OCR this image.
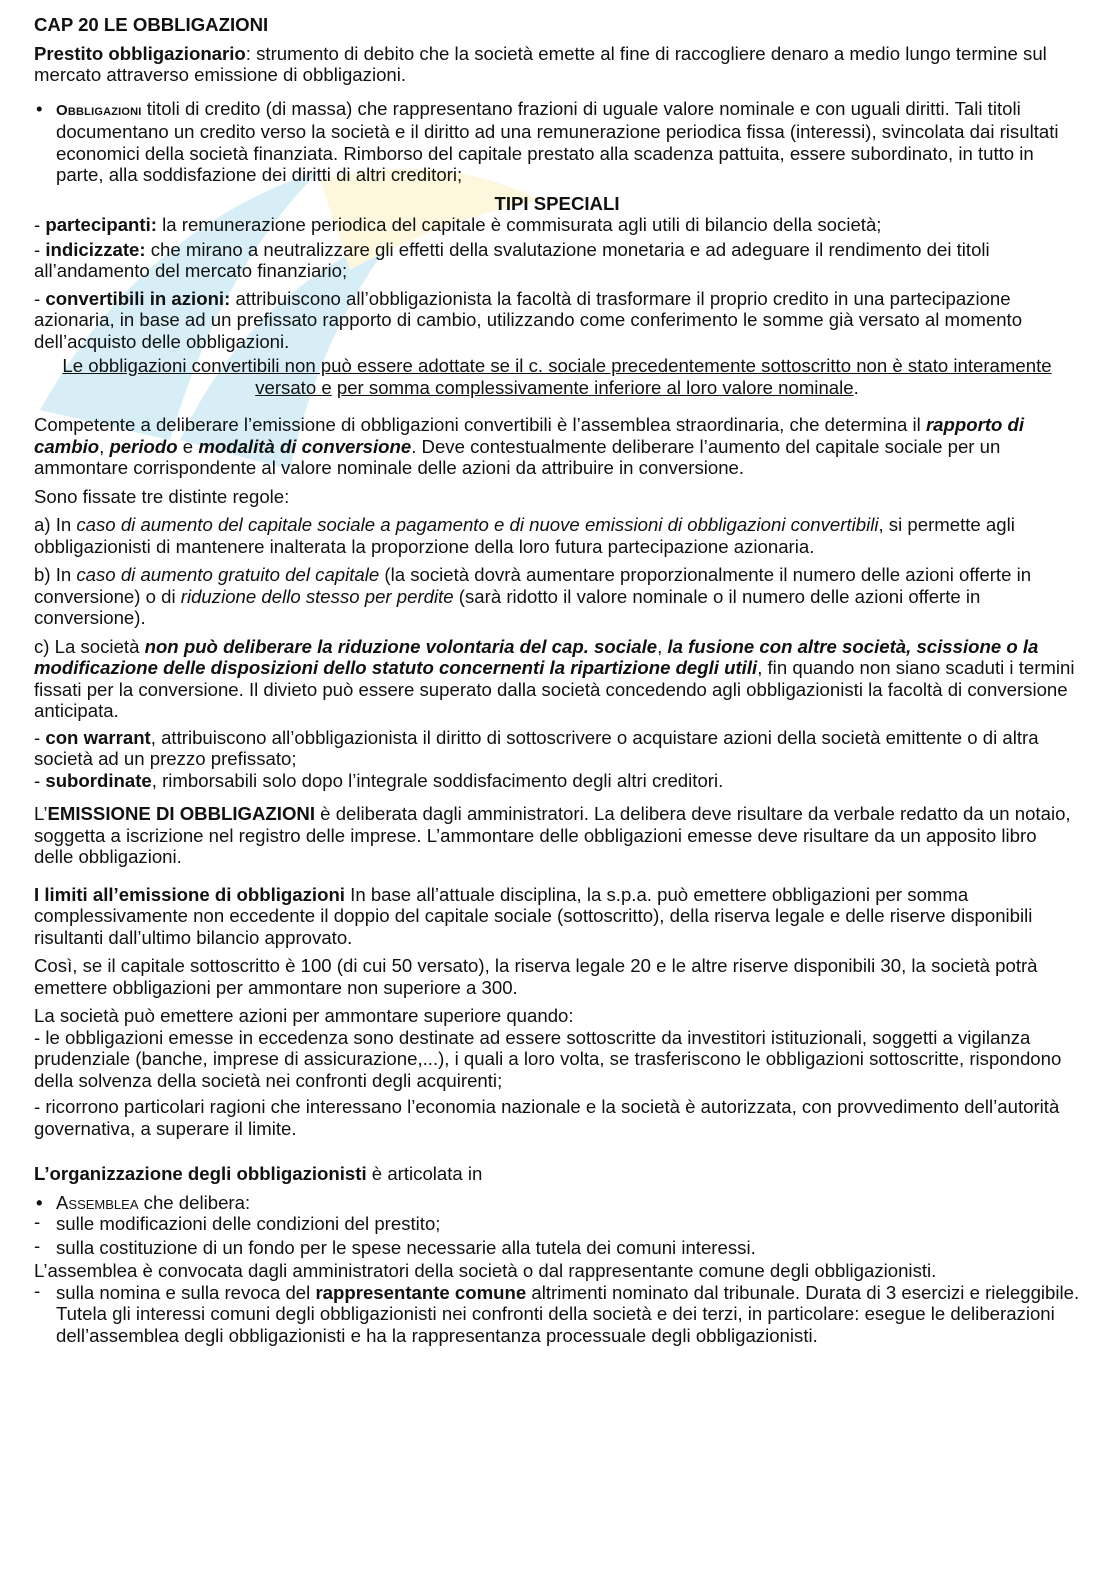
CAP 20 LE OBBLIGAZIONI

Prestito obbligazionario: strumento di debito che la società emette al fine di raccogliere denaro a medio lungo termine sul mercato attraverso emissione di obbligazioni.

• Obbligazioni titoli di credito (di massa) che rappresentano frazioni di uguale valore nominale e con uguali diritti. Tali titoli documentano un credito verso la società e il diritto ad una remunerazione periodica fissa (interessi), svincolata dai risultati economici della società finanziata. Rimborso del capitale prestato alla scadenza pattuita, essere subordinato, in tutto in parte, alla soddisfazione dei diritti di altri creditori;

TIPI SPECIALI

- partecipanti: la remunerazione periodica del capitale è commisurata agli utili di bilancio della società;

- indicizzate: che mirano a neutralizzare gli effetti della svalutazione monetaria e ad adeguare il rendimento dei titoli all’andamento del mercato finanziario;

- convertibili in azioni: attribuiscono all’obbligazionista la facoltà di trasformare il proprio credito in una partecipazione azionaria, in base ad un prefissato rapporto di cambio, utilizzando come conferimento le somme già versato al momento dell’acquisto delle obbligazioni.

Le obbligazioni convertibili non può essere adottate se il c. sociale precedentemente sottoscritto non è stato interamente versato e per somma complessivamente inferiore al loro valore nominale.

Competente a deliberare l’emissione di obbligazioni convertibili è l’assemblea straordinaria, che determina il rapporto di cambio, periodo e modalità di conversione. Deve contestualmente deliberare l’aumento del capitale sociale per un ammontare corrispondente al valore nominale delle azioni da attribuire in conversione.

Sono fissate tre distinte regole:

a) In caso di aumento del capitale sociale a pagamento e di nuove emissioni di obbligazioni convertibili, si permette agli obbligazionisti di mantenere inalterata la proporzione della loro futura partecipazione azionaria.

b) In caso di aumento gratuito del capitale (la società dovrà aumentare proporzionalmente il numero delle azioni offerte in conversione) o di riduzione dello stesso per perdite (sarà ridotto il valore nominale o il numero delle azioni offerte in conversione).

c) La società non può deliberare la riduzione volontaria del cap. sociale, la fusione con altre società, scissione o la modificazione delle disposizioni dello statuto concernenti la ripartizione degli utili, fin quando non siano scaduti i termini fissati per la conversione. Il divieto può essere superato dalla società concedendo agli obbligazionisti la facoltà di conversione anticipata.

- con warrant, attribuiscono all’obbligazionista il diritto di sottoscrivere o acquistare azioni della società emittente o di altra società ad un prezzo prefissato;

- subordinate, rimborsabili solo dopo l’integrale soddisfacimento degli altri creditori.

L’EMISSIONE DI OBBLIGAZIONI è deliberata dagli amministratori. La delibera deve risultare da verbale redatto da un notaio, soggetta a iscrizione nel registro delle imprese. L’ammontare delle obbligazioni emesse deve risultare da un apposito libro delle obbligazioni.

I limiti all’emissione di obbligazioni In base all’attuale disciplina, la s.p.a. può emettere obbligazioni per somma complessivamente non eccedente il doppio del capitale sociale (sottoscritto), della riserva legale e delle riserve disponibili risultanti dall’ultimo bilancio approvato.

Così, se il capitale sottoscritto è 100 (di cui 50 versato), la riserva legale 20 e le altre riserve disponibili 30, la società potrà emettere obbligazioni per ammontare non superiore a 300.

La società può emettere azioni per ammontare superiore quando:

- le obbligazioni emesse in eccedenza sono destinate ad essere sottoscritte da investitori istituzionali, soggetti a vigilanza prudenziale (banche, imprese di assicurazione,...), i quali a loro volta, se trasferiscono le obbligazioni sottoscritte, rispondono della solvenza della società nei confronti degli acquirenti;

- ricorrono particolari ragioni che interessano l’economia nazionale e la società è autorizzata, con provvedimento dell’autorità governativa, a superare il limite.

L’organizzazione degli obbligazionisti è articolata in

• Assemblea che delibera:

- sulle modificazioni delle condizioni del prestito;

- sulla costituzione di un fondo per le spese necessarie alla tutela dei comuni interessi.

L’assemblea è convocata dagli amministratori della società o dal rappresentante comune degli obbligazionisti.

- sulla nomina e sulla revoca del rappresentante comune altrimenti nominato dal tribunale. Durata di 3 esercizi e rieleggibile. Tutela gli interessi comuni degli obbligazionisti nei confronti della società e dei terzi, in particolare: esegue le deliberazioni dell’assemblea degli obbligazionisti e ha la rappresentanza processuale degli obbligazionisti.
